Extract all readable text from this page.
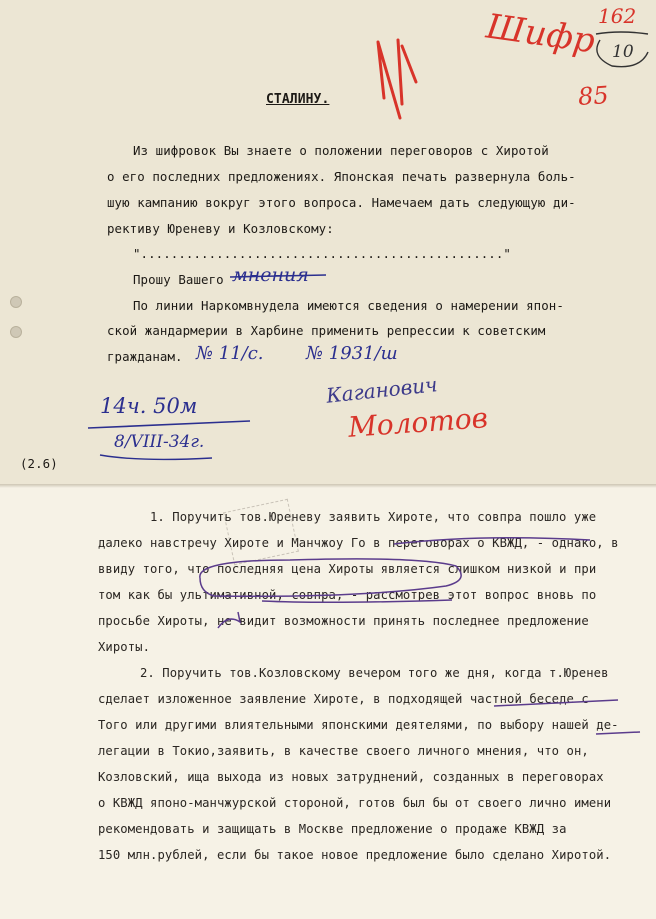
Шифр 162
10
85
СТАЛИНУ.
Из шифровок Вы знаете о положении переговоров с Хиротой
о его последних предложениях. Японская печать развернула боль-
шую кампанию вокруг этого вопроса. Намечаем дать следующую ди-
рективу Юреневу и Козловскому:
"................................................"
Прошу Вашего мнения
По линии Наркомвнудела имеются сведения о намерении япон-
ской жандармерии в Харбине применить репрессии к советским
гражданам. № 11/с. № 1931/ш
Каганович
Молотов
14ч. 50м
8/VIII-34г.
(2.6)
1. Поручить тов.Юреневу заявить Хироте, что совпра пошло уже
далеко навстречу Хироте и Манчжоу Го в переговорах о КВЖД, - однако, в
ввиду того, что последняя цена Хироты является слишком низкой и при
том как бы ультимативной, совпра, - рассмотрев этот вопрос вновь по
просьбе Хироты, не видит возможности принять последнее предложение
Хироты.
2. Поручить тов.Козловскому вечером того же дня, когда т.Юренев
сделает изложенное заявление Хироте, в подходящей частной беседе с
Того или другими влиятельными японскими деятелями, по выбору нашей де-
легации в Токио,заявить, в качестве своего личного мнения, что он,
Козловский, ища выхода из новых затруднений, созданных в переговорах
о КВЖД японо-манчжурской стороной, готов был бы от своего лично имени
рекомендовать и защищать в Москве предложение о продаже КВЖД за
150 млн.рублей, если бы такое новое предложение было сделано Хиротой.
